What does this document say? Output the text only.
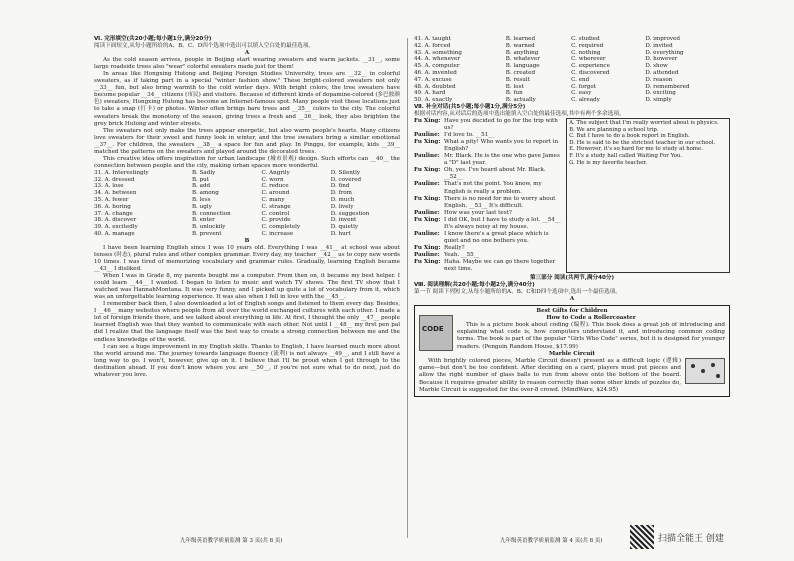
Ⅵ. 完形填空(共20小题;每小题1分,满分20分)
阅读下面短文,从每小题所给的A、B、C、D四个选项中选出可以填入空白处的最佳选项。
A

As the cold season arrives, people in Beijing start wearing sweaters and warm jackets. __31__, some large roadside trees also "wear" colorful sweaters made just for them!

In areas like Hongxing Hutong and Beijing Foreign Studies University, trees are __32__ in colorful sweaters, as if taking part in a special "winter fashion show." These bright-colored sweaters not only __33__ fun, but also bring warmth to the cold winter days. With bright colors, the tree sweaters have become popular __34__ citizens (市民) and visitors. Because of different kinds of dopamine-colored (多巴胺颜色) sweaters, Hongxing Hutong has become an Internet-famous spot. Many people visit these locations just to take a snap (打卡) or photos. Winter often brings bare trees and __35__ colors to the city. The colorful sweaters break the monotony of the season, giving trees a fresh and __36__ look, they also brighten the grey brick Hutong and winter streets.

The sweaters not only make the trees appear energetic, but also warm people's hearts. Many citizens love sweaters for their sweet and funny look in winter, and the tree sweaters bring a similar emotional __37__. For children, the sweaters __38__ a space for fun and play. In Pinggu, for example, kids __39__ matched the patterns on the sweaters and played around the decorated trees.

This creative idea offers inspiration for urban landscape (城市景观) design. Such efforts can __40__ the connection between people and the city, making urban spaces more wonderful.

31. A. Interestingly	B. Sadly	C. Angrily	D. Silently
32. A. dressed	B. put	C. worn	D. covered
33. A. lose	B. add	C. reduce	D. find
34. A. between	B. among	C. around	D. from
35. A. fewer	B. less	C. many	D. much
36. A. boring	B. ugly	C. strange	D. lively
37. A. change	B. connection	C. control	D. suggestion
38. A. discover	B. enter	C. provide	D. invent
39. A. excitedly	B. unluckily	C. completely	D. quietly
40. A. manage	B. prevent	C. increase	D. hurt
B

I have been learning English since I was 10 years old. Everything I was __41__ at school was about tenses (时态), plural rules and other complex grammar. Every day, my teacher __42__ us to copy new words 10 times. I was tired of memorizing vocabulary and grammar rules. Gradually, learning English became __43__ I disliked.

When I was in Grade 8, my parents bought me a computer. From then on, it became my best helper. I could learn __44__ I wanted. I began to listen to music and watch TV shows. The first TV show that I watched was HannahMontana. It was very funny, and I picked up quite a lot of vocabulary from it, which was an unforgettable learning experience. It was also when I fell in love with the __45__.

I remember back then, I also downloaded a lot of English songs and listened to them every day. Besides, I __46__ many websites where people from all over the world exchanged cultures with each other. I made a lot of foreign friends there, and we talked about everything in life. At first, I thought the only __47__ people learned English was that they wanted to communicate with each other. Not until I __48__ my first pen pal did I realize that the language itself was the best way to create a strong connection between me and the endless knowledge of the world.

I can see a huge improvement in my English skills. Thanks to English, I have learned much more about the world around me. The journey towards language fluency (流利) is not always __49__, and I still have a long way to go. I won't, however, give up on it. I believe that I'll be proud when I get through to the destination ahead. If you don't know where you are __50__, if you're not sure what to do next, just do whatever you love.

九年级英语教学质量监测 第 3 页(共 8 页)
41. A. taught	B. learned	C. studied	D. improved
42. A. forced	B. warned	C. required	D. invited
43. A. something	B. anything	C. nothing	D. everything
44. A. whenever	B. whatever	C. wherever	D. however
45. A. computer	B. language	C. experience	D. show
46. A. invented	B. created	C. discovered	D. attended
47. A. excuse	B. result	C. end	D. reason
48. A. doubted	B. lost	C. forgot	D. remembered
49. A. hard	B. fun	C. easy	D. exciting
50. A. exactly	B. actually	C. already	D. simply
Ⅶ. 补全对话(共5小题;每小题1分,满分5分)
根据对话内容,从对话后的选项中选出能填入空白处的最佳选项,其中有两个多余选项。
Fu Xing: Have you decided to go for the trip with us?
Pauline: I'd love to. __51__
Fu Xing: What a pity! Who wants you to report in English?
Pauline: Mr. Black. He is the one who gave James a "D" last year.
Fu Xing: Oh, yes. I've heard about Mr. Black. __52__
Pauline: That's not the point. You know, my English is really a problem.
Fu Xing: There is no need for me to worry about English. __53__ It's difficult.
Pauline: How was your last test?
Fu Xing: I did OK, but I have to study a lot. __54__ It's always noisy at my house.
Pauline: I know there's a great place which is quiet and no one bothers you.
Fu Xing: Really?
Pauline: Yeah. __55__
Fu Xing: Haha. Maybe we can go there together next time.
A. The subject that I'm really worried about is physics.
B. We are planning a school trip.
C. But I have to do a book report in English.
D. He is said to be the strictest teacher in our school.
E. However, it's so hard for me to study at home.
F. It's a study hall called Waiting For You.
G. He is my favorite teacher.
第三部分 阅读(共两节,满分40分)
Ⅷ. 阅读理解(共20小题;每小题2分,满分40分)
第一节 阅读下列短文,从每小题所给的A、B、C和D四个选项中,选出一个最佳选项。
A
Best Gifts for Children
CODE
How to Code a Rollercoaster

This is a picture book about coding (编程). This book does a great job of introducing and explaining what code is, how computers understand it, and introducing common coding terms. The book is part of the popular "Girls Who Code" series, but it is designed for younger readers. (Penguin Random House, $17.99)

Marble Circuit

With brightly colored pieces, Marble Circuit doesn't present as a difficult logic (逻辑) game—but don't be too confident. After deciding on a card, players must put pieces and allow the right number of glass balls to run from above onto the bottom of the board. Because it requires greater ability to reason correctly than some other kinds of puzzles do, Marble Circuit is suggested for the over-8 crowd. (MindWare, $24.95)

九年级英语教学质量监测 第 4 页(共 8 页)	扫描全能王 创建
